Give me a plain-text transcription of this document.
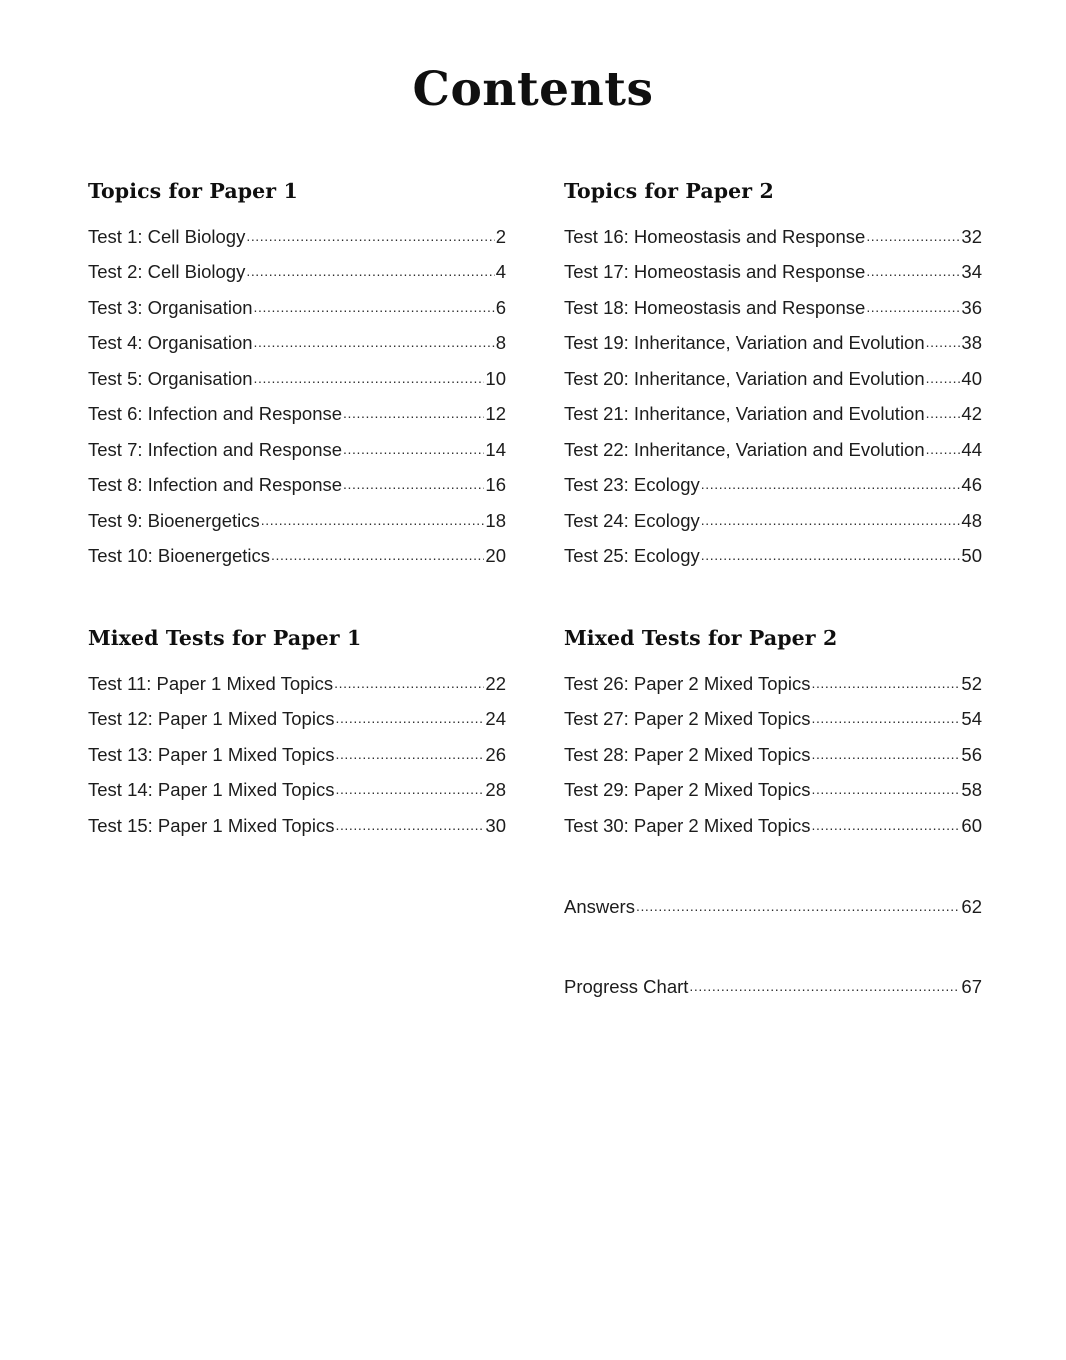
Contents
Topics for Paper 1
Test 1: Cell Biology .....	2
Test 2: Cell Biology .....	4
Test 3: Organisation .....	6
Test 4: Organisation .....	8
Test 5: Organisation .....	10
Test 6: Infection and Response .....	12
Test 7: Infection and Response .....	14
Test 8: Infection and Response .....	16
Test 9: Bioenergetics .....	18
Test 10: Bioenergetics .....	20
Mixed Tests for Paper 1
Test 11: Paper 1 Mixed Topics .....	22
Test 12: Paper 1 Mixed Topics .....	24
Test 13: Paper 1 Mixed Topics .....	26
Test 14: Paper 1 Mixed Topics .....	28
Test 15: Paper 1 Mixed Topics .....	30
Topics for Paper 2
Test 16: Homeostasis and Response .....	32
Test 17: Homeostasis and Response .....	34
Test 18: Homeostasis and Response .....	36
Test 19: Inheritance, Variation and Evolution ..... 38
Test 20: Inheritance, Variation and Evolution ..... 40
Test 21: Inheritance, Variation and Evolution ..... 42
Test 22: Inheritance, Variation and Evolution ..... 44
Test 23: Ecology .....	46
Test 24: Ecology .....	48
Test 25: Ecology .....	50
Mixed Tests for Paper 2
Test 26: Paper 2 Mixed Topics .....	52
Test 27: Paper 2 Mixed Topics .....	54
Test 28: Paper 2 Mixed Topics .....	56
Test 29: Paper 2 Mixed Topics .....	58
Test 30: Paper 2 Mixed Topics .....	60
Answers .....	62
Progress Chart .....	67
